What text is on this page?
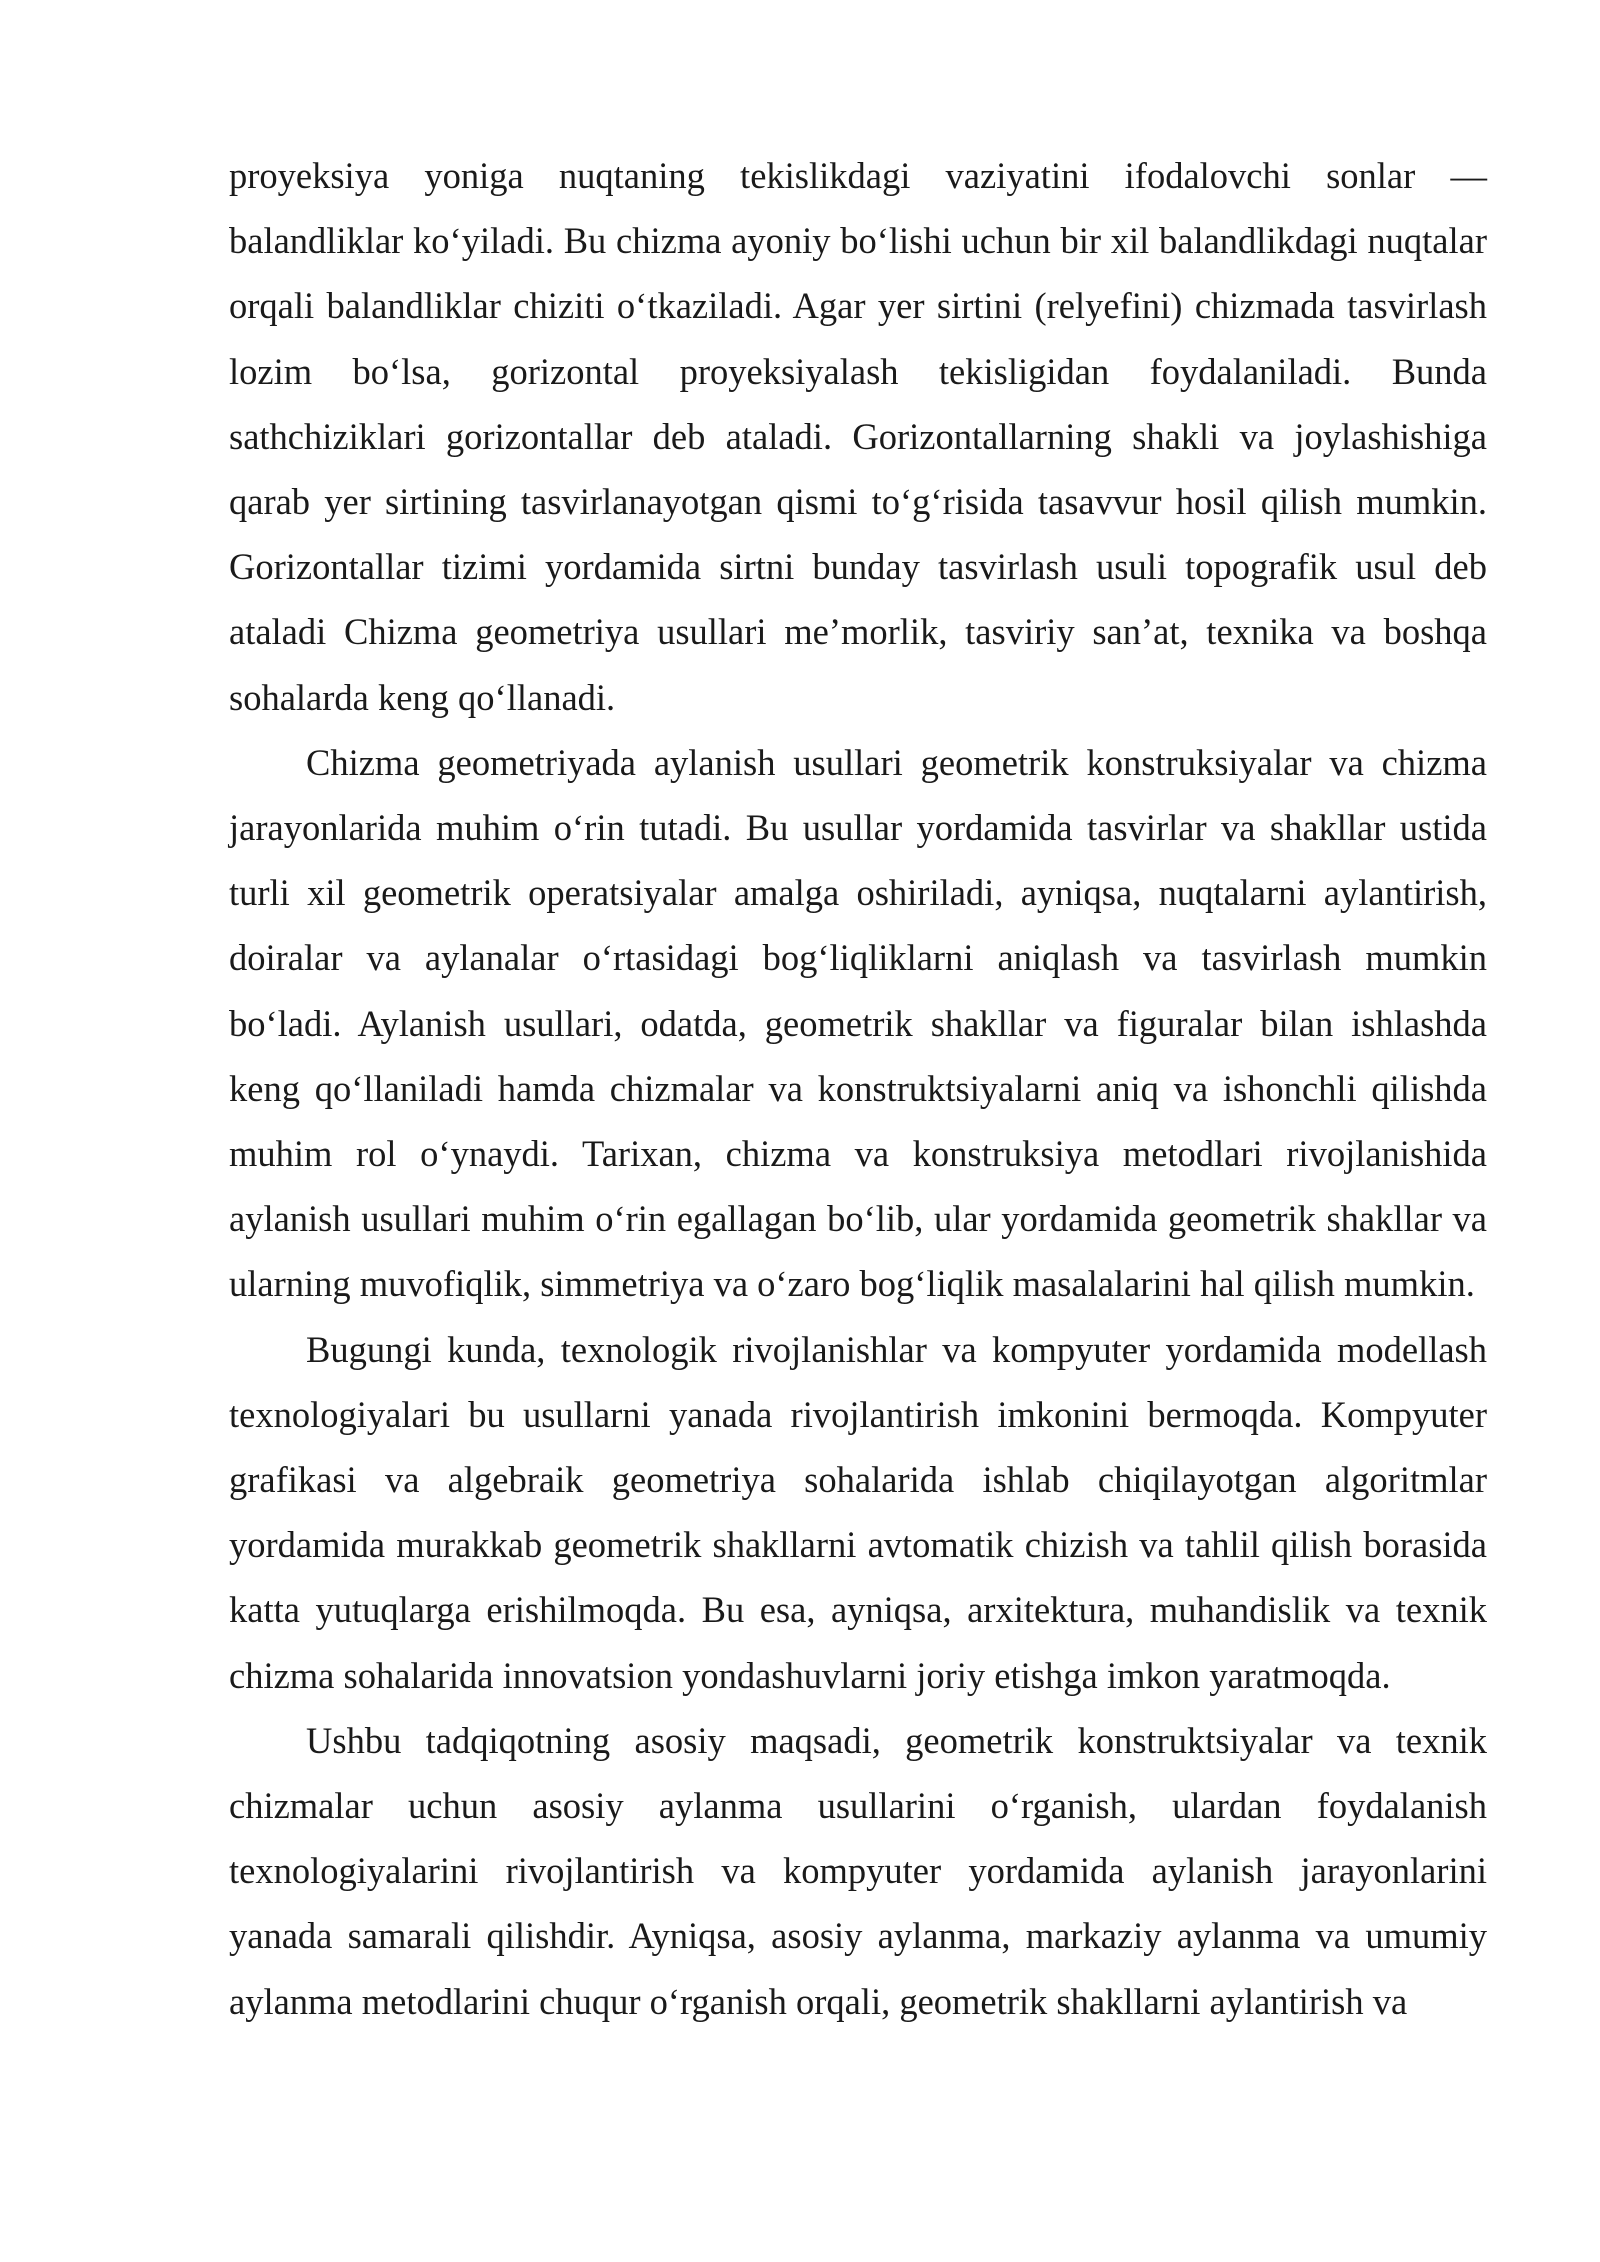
proyeksiya yoniga nuqtaning tekislikdagi vaziyatini ifodalovchi sonlar — balandliklar koʻyiladi. Bu chizma ayoniy boʻlishi uchun bir xil balandlikdagi nuqtalar orqali balandliklar chiziti oʻtkaziladi. Agar yer sirtini (relyefini) chizmada tasvirlash lozim boʻlsa, gorizontal proyeksiyalash tekisligidan foydalaniladi. Bunda sathchiziklari gorizontallar deb ataladi. Gorizontallarning shakli va joylashishiga qarab yer sirtining tasvirlanayotgan qismi toʻgʻrisida tasavvur hosil qilish mumkin. Gorizontallar tizimi yordamida sirtni bunday tasvirlash usuli topografik usul deb ataladi Chizma geometriya usullari me’morlik, tasviriy san’at, texnika va boshqa sohalarda keng qoʻllanadi.

Chizma geometriyada aylanish usullari geometrik konstruksiyalar va chizma jarayonlarida muhim oʻrin tutadi. Bu usullar yordamida tasvirlar va shakllar ustida turli xil geometrik operatsiyalar amalga oshiriladi, ayniqsa, nuqtalarni aylantirish, doiralar va aylanalar oʻrtasidagi bogʻliqliklarni aniqlash va tasvirlash mumkin boʻladi. Aylanish usullari, odatda, geometrik shakllar va figuralar bilan ishlashda keng qoʻllaniladi hamda chizmalar va konstruktsiyalarni aniq va ishonchli qilishda muhim rol oʻynaydi. Tarixan, chizma va konstruksiya metodlari rivojlanishida aylanish usullari muhim oʻrin egallagan boʻlib, ular yordamida geometrik shakllar va ularning muvofiqlik, simmetriya va oʻzaro bogʻliqlik masalalarini hal qilish mumkin.

Bugungi kunda, texnologik rivojlanishlar va kompyuter yordamida modellash texnologiyalari bu usullarni yanada rivojlantirish imkonini bermoqda. Kompyuter grafikasi va algebraik geometriya sohalarida ishlab chiqilayotgan algoritmlar yordamida murakkab geometrik shakllarni avtomatik chizish va tahlil qilish borasida katta yutuqlarga erishilmoqda. Bu esa, ayniqsa, arxitektura, muhandislik va texnik chizma sohalarida innovatsion yondashuvlarni joriy etishga imkon yaratmoqda.

Ushbu tadqiqotning asosiy maqsadi, geometrik konstruktsiyalar va texnik chizmalar uchun asosiy aylanma usullarini oʻrganish, ulardan foydalanish texnologiyalarini rivojlantirish va kompyuter yordamida aylanish jarayonlarini yanada samarali qilishdir. Ayniqsa, asosiy aylanma, markaziy aylanma va umumiy aylanma metodlarini chuqur oʻrganish orqali, geometrik shakllarni aylantirish va
